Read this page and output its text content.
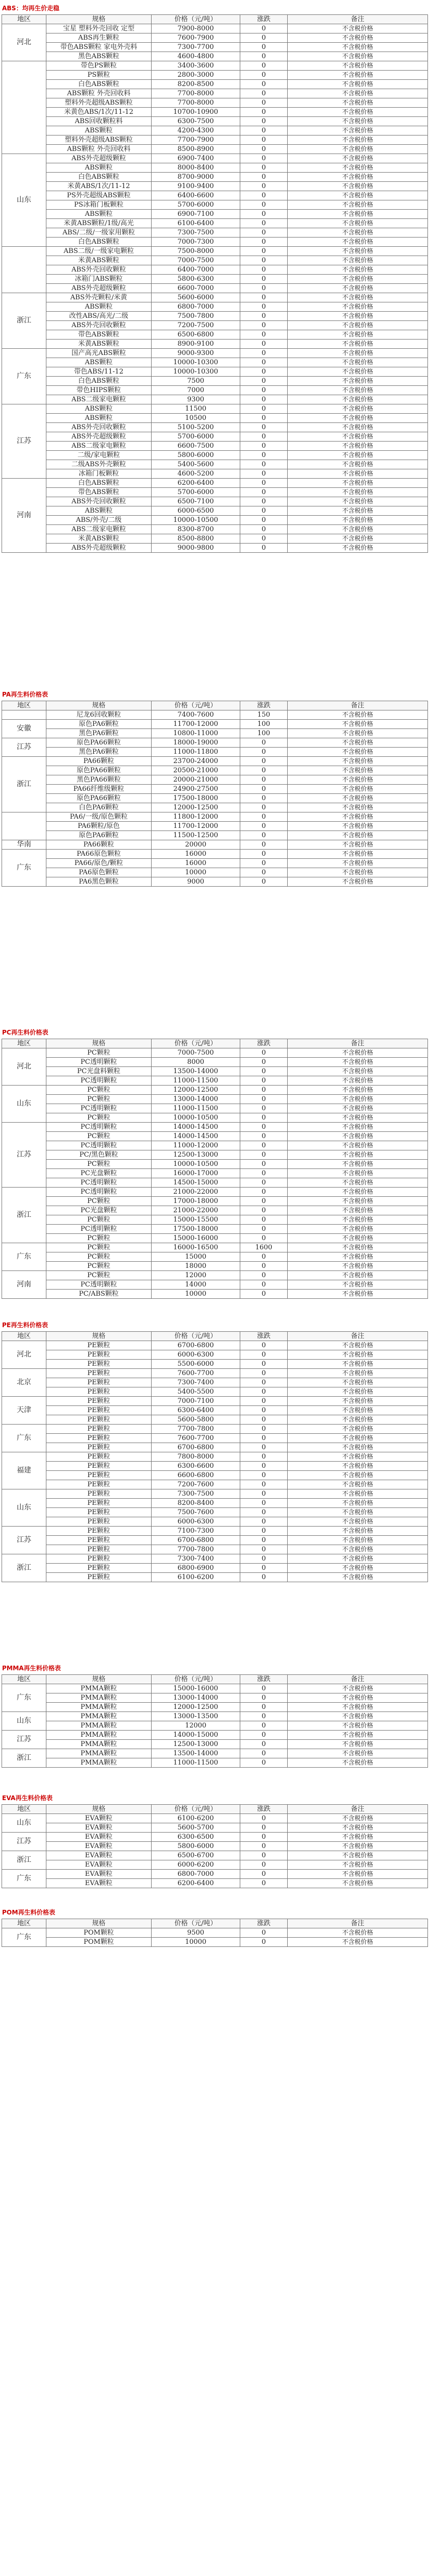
ABS：均再生价走稳
地区	规格	价格（元/吨）	涨跌	备注
河北	宝星 塑料外壳回收 定型	7900-8000	0	不含税价格
	ABS再生颗粒	7600-7900	0	不含税价格
	带色ABS颗粒 家电外壳料	7300-7700	0	不含税价格
	黑色ABS颗粒	4600-4800	0	不含税价格
	带色PS颗粒	3400-3600	0	不含税价格
	PS颗粒	2800-3000	0	不含税价格
	白色ABS颗粒	8200-8500	0	不含税价格
	ABS颗粒 外壳回收料	7700-8000	0	不含税价格
	塑料外壳超级ABS颗粒	7700-8000	0	不含税价格
	米黄色ABS/1次/11-12	10700-10900	0	不含税价格
	ABS回收颗粒料	6300-7500	0	不含税价格
	ABS颗粒	4200-4300	0	不含税价格
	塑料外壳超级ABS颗粒	7700-7900	0	不含税价格
	ABS颗粒 外壳回收料	8500-8900	0	不含税价格
山东	ABS外壳超级颗粒	6900-7400	0	不含税价格
	ABS颗粒	8000-8400	0	不含税价格
	白色ABS颗粒	8700-9000	0	不含税价格
	米黄ABS/1次/11-12	9100-9400	0	不含税价格
	PS外壳超级ABS颗粒	6400-6600	0	不含税价格
	PS冰箱门板颗粒	5700-6000	0	不含税价格
	ABS颗粒	6900-7100	0	不含税价格
	米黄ABS颗粒/1级/高光	6100-6400	0	不含税价格
	ABS/二级/一级家用颗粒	7300-7500	0	不含税价格
	白色ABS颗粒	7000-7300	0	不含税价格
	ABS二级/一级家电颗粒	7500-8000	0	不含税价格
	米黄ABS颗粒	7000-7500	0	不含税价格
	ABS外壳回收颗粒	6400-7000	0	不含税价格
	冰箱门ABS颗粒	5800-6300	0	不含税价格
	ABS外壳超级颗粒	6600-7000	0	不含税价格
浙江	ABS外壳颗粒/米黄	5600-6000	0	不含税价格
	ABS颗粒	6800-7000	0	不含税价格
	改性ABS/高光/二级	7500-7800	0	不含税价格
	ABS外壳回收颗粒	7200-7500	0	不含税价格
	带色ABS颗粒	6500-6800	0	不含税价格
	米黄ABS颗粒	8900-9100	0	不含税价格
广东	国产高光ABS颗粒	9000-9300	0	不含税价格
	ABS颗粒	10000-10300	0	不含税价格
	带色ABS/11-12	10000-10300	0	不含税价格
	白色ABS颗粒	7500	0	不含税价格
	带色HIPS颗粒	7000	0	不含税价格
	ABS二级家电颗粒	9300	0	不含税价格
江苏	ABS颗粒	11500	0	不含税价格
	ABS颗粒	10500	0	不含税价格
	ABS外壳回收颗粒	5100-5200	0	不含税价格
	ABS外壳超级颗粒	5700-6000	0	不含税价格
	ABS二级家电颗粒	6600-7500	0	不含税价格
	二级/家电颗粒	5800-6000	0	不含税价格
	二级ABS外壳颗粒	5400-5600	0	不含税价格
	冰箱门板颗粒	4600-5200	0	不含税价格
河南	白色ABS颗粒	6200-6400	0	不含税价格
	带色ABS颗粒	5700-6000	0	不含税价格
	ABS外壳回收颗粒	6500-7100	0	不含税价格
	ABS颗粒	6000-6500	0	不含税价格
	ABS/外壳/二级	10000-10500	0	不含税价格
	ABS二级家电颗粒	8300-8700	0	不含税价格
	米黄ABS颗粒	8500-8800	0	不含税价格
	ABS外壳超级颗粒	9000-9800	0	不含税价格
PA再生料价格表
地区	规格	价格（元/吨）	涨跌	备注
	尼龙6回收颗粒	7400-7600	150	不含税价格
安徽	原色PA6颗粒	11700-12000	100	不含税价格
	黑色PA6颗粒	10800-11000	100	不含税价格
江苏	原色PA66颗粒	18000-19000	0	不含税价格
	黑色PA6颗粒	11000-11800	0	不含税价格
浙江	PA66颗粒	23700-24000	0	不含税价格
	原色PA66颗粒	20500-21000	0	不含税价格
	黑色PA66颗粒	20000-21000	0	不含税价格
	PA66纤维级颗粒	24900-27500	0	不含税价格
	原色PA66颗粒	17500-18000	0	不含税价格
	白色PA6颗粒	12000-12500	0	不含税价格
	PA6/一级/原色颗粒	11800-12000	0	不含税价格
	PA6颗粒/原色	11700-12000	0	不含税价格
	原色PA6颗粒	11500-12500	0	不含税价格
华南	PA66颗粒	20000	0	不含税价格
广东	PA66原色颗粒	16000	0	不含税价格
	PA66/原色/颗粒	16000	0	不含税价格
	PA6原色颗粒	10000	0	不含税价格
	PA6黑色颗粒	9000	0	不含税价格
PC再生料价格表
地区	规格	价格（元/吨）	涨跌	备注
河北	PC颗粒	7000-7500	0	不含税价格
	PC透明颗粒	8000	0	不含税价格
	PC光盘料颗粒	13500-14000	0	不含税价格
	PC透明颗粒	11000-11500	0	不含税价格
山东	PC颗粒	12000-12500	0	不含税价格
	PC颗粒	13000-14000	0	不含税价格
	PC透明颗粒	11000-11500	0	不含税价格
	PC颗粒	10000-10500	0	不含税价格
江苏	PC透明颗粒	14000-14500	0	不含税价格
	PC颗粒	14000-14500	0	不含税价格
	PC透明颗粒	11000-12000	0	不含税价格
	PC/黑色颗粒	12500-13000	0	不含税价格
	PC颗粒	10000-10500	0	不含税价格
	PC光盘颗粒	16000-17000	0	不含税价格
	PC透明颗粒	14500-15000	0	不含税价格
浙江	PC透明颗粒	21000-22000	0	不含税价格
	PC颗粒	17000-18000	0	不含税价格
	PC光盘颗粒	21000-22000	0	不含税价格
	PC颗粒	15000-15500	0	不含税价格
	PC透明颗粒	17500-18000	0	不含税价格
	PC颗粒	15000-16000	0	不含税价格
广东	PC颗粒	16000-16500	1600	不含税价格
	PC颗粒	15000	0	不含税价格
	PC颗粒	18000	0	不含税价格
河南	PC颗粒	12000	0	不含税价格
	PC透明颗粒	14000	0	不含税价格
	PC/ABS颗粒	10000	0	不含税价格
PE再生料价格表
地区	规格	价格（元/吨）	涨跌	备注
河北	PE颗粒	6700-6800	0	不含税价格
	PE颗粒	6000-6300	0	不含税价格
	PE颗粒	5500-6000	0	不含税价格
北京	PE颗粒	7600-7700	0	不含税价格
	PE颗粒	7300-7400	0	不含税价格
	PE颗粒	5400-5500	0	不含税价格
天津	PE颗粒	7000-7100	0	不含税价格
	PE颗粒	6300-6400	0	不含税价格
	PE颗粒	5600-5800	0	不含税价格
广东	PE颗粒	7700-7800	0	不含税价格
	PE颗粒	7600-7700	0	不含税价格
	PE颗粒	6700-6800	0	不含税价格
福建	PE颗粒	7800-8000	0	不含税价格
	PE颗粒	6300-6600	0	不含税价格
	PE颗粒	6600-6800	0	不含税价格
	PE颗粒	7200-7600	0	不含税价格
山东	PE颗粒	7300-7500	0	不含税价格
	PE颗粒	8200-8400	0	不含税价格
	PE颗粒	7500-7600	0	不含税价格
	PE颗粒	6000-6300	0	不含税价格
江苏	PE颗粒	7100-7300	0	不含税价格
	PE颗粒	6700-6800	0	不含税价格
	PE颗粒	7700-7800	0	不含税价格
浙江	PE颗粒	7300-7400	0	不含税价格
	PE颗粒	6800-6900	0	不含税价格
	PE颗粒	6100-6200	0	不含税价格
PMMA再生料价格表
地区	规格	价格（元/吨）	涨跌	备注
广东	PMMA颗粒	15000-16000	0	不含税价格
	PMMA颗粒	13000-14000	0	不含税价格
	PMMA颗粒	12000-12500	0	不含税价格
山东	PMMA颗粒	13000-13500	0	不含税价格
	PMMA颗粒	12000	0	不含税价格
江苏	PMMA颗粒	14000-15000	0	不含税价格
	PMMA颗粒	12500-13000	0	不含税价格
浙江	PMMA颗粒	13500-14000	0	不含税价格
	PMMA颗粒	11000-11500	0	不含税价格
EVA再生料价格表
地区	规格	价格（元/吨）	涨跌	备注
山东	EVA颗粒	6100-6200	0	不含税价格
	EVA颗粒	5600-5700	0	不含税价格
江苏	EVA颗粒	6300-6500	0	不含税价格
	EVA颗粒	5800-6000	0	不含税价格
浙江	EVA颗粒	6500-6700	0	不含税价格
	EVA颗粒	6000-6200	0	不含税价格
广东	EVA颗粒	6800-7000	0	不含税价格
	EVA颗粒	6200-6400	0	不含税价格
POM再生料价格表
地区	规格	价格（元/吨）	涨跌	备注
广东	POM颗粒	9500	0	不含税价格
	POM颗粒	10000	0	不含税价格
